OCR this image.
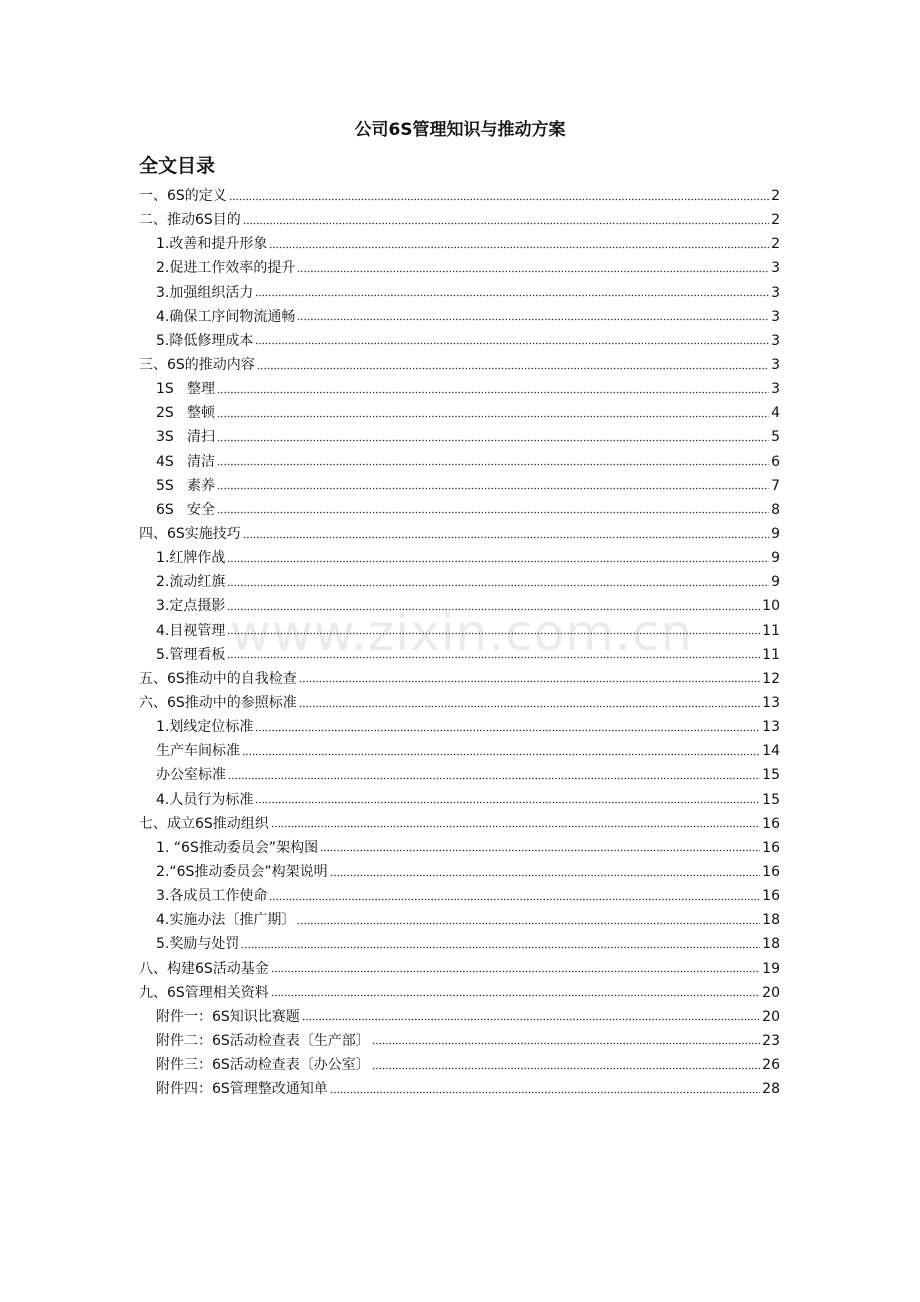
公司6S管理知识与推动方案
全文目录
一、6S的定义	2
二、推动6S目的	2
1.改善和提升形象	2
2.促进工作效率的提升	3
3.加强组织活力	3
4.确保工序间物流通畅	3
5.降低修理成本	3
三、6S的推动内容	3
1S 整理	3
2S 整顿	4
3S 清扫	5
4S 清洁	6
5S 素养	7
6S 安全	8
四、6S实施技巧	9
1.红牌作战	9
2.流动红旗	9
3.定点摄影	10
4.目视管理	11
5.管理看板	11
五、6S推动中的自我检查	12
六、6S推动中的参照标准	13
1.划线定位标准	13
生产车间标准	14
办公室标准	15
4.人员行为标准	15
七、成立6S推动组织	16
1. “6S推动委员会”架构图	16
2.“6S推动委员会”构架说明	16
3.各成员工作使命	16
4.实施办法〔推广期〕	18
5.奖励与处罚	18
八、构建6S活动基金	19
九、6S管理相关资料	20
附件一：6S知识比赛题	20
附件二：6S活动检查表〔生产部〕	23
附件三：6S活动检查表〔办公室〕	26
附件四：6S管理整改通知单	28
www.zixin.com.cn
